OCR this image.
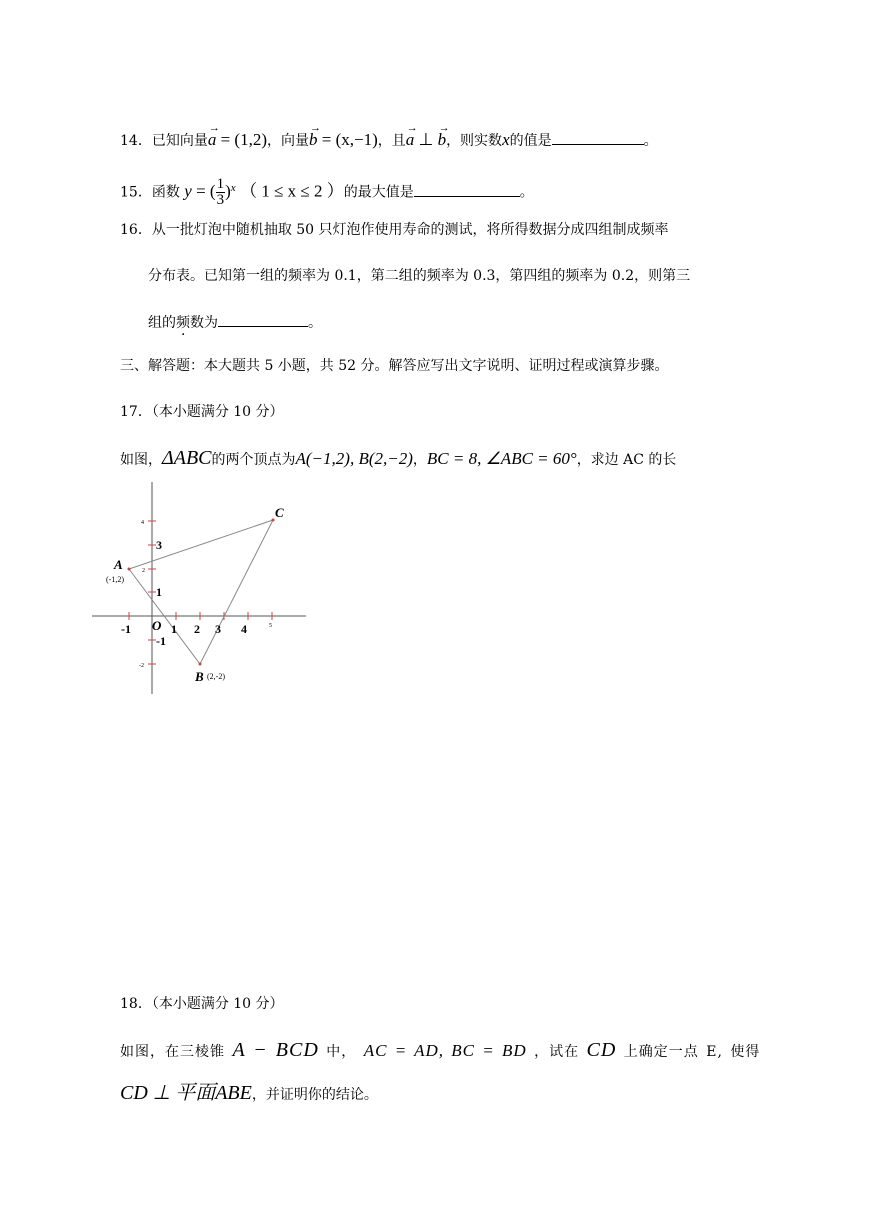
14．已知向量→ a = (1,2)，向量→ b = (x,−1)，且→ a ⊥ → b，则实数x的值是	。
15．函数 y = ( $\frac{1}{3} )^x$ （ 1 ≤ x ≤ 2 ）的最大值是	。
16．从一批灯泡中随机抽取 50 只灯泡作使用寿命的测试，将所得数据分成四组制成频率
分布表。已知第一组的频率为 0.1，第二组的频率为 0.3，第四组的频率为 0.2，则第三
组的频数为	。
三、解答题：本大题共 5 小题，共 52 分。解答应写出文字说明、证明过程或演算步骤。
17．（本小题满分 10 分）
如图，ΔABC的两个顶点为A(−1,2), B(2,−2)，BC = 8, ∠ABC = 60°，求边 AC 的长
-1	1 2 3 4	5
4
3
2
1
-1
-2
O
A
(-1,2)
C
B (2,-2)
18．（本小题满分 10 分）
如图，在三棱锥 A − BCD 中， AC = AD, BC = BD ，试在 CD 上确定一点 E, 使得
CD ⊥ 平面ABE，并证明你的结论。
